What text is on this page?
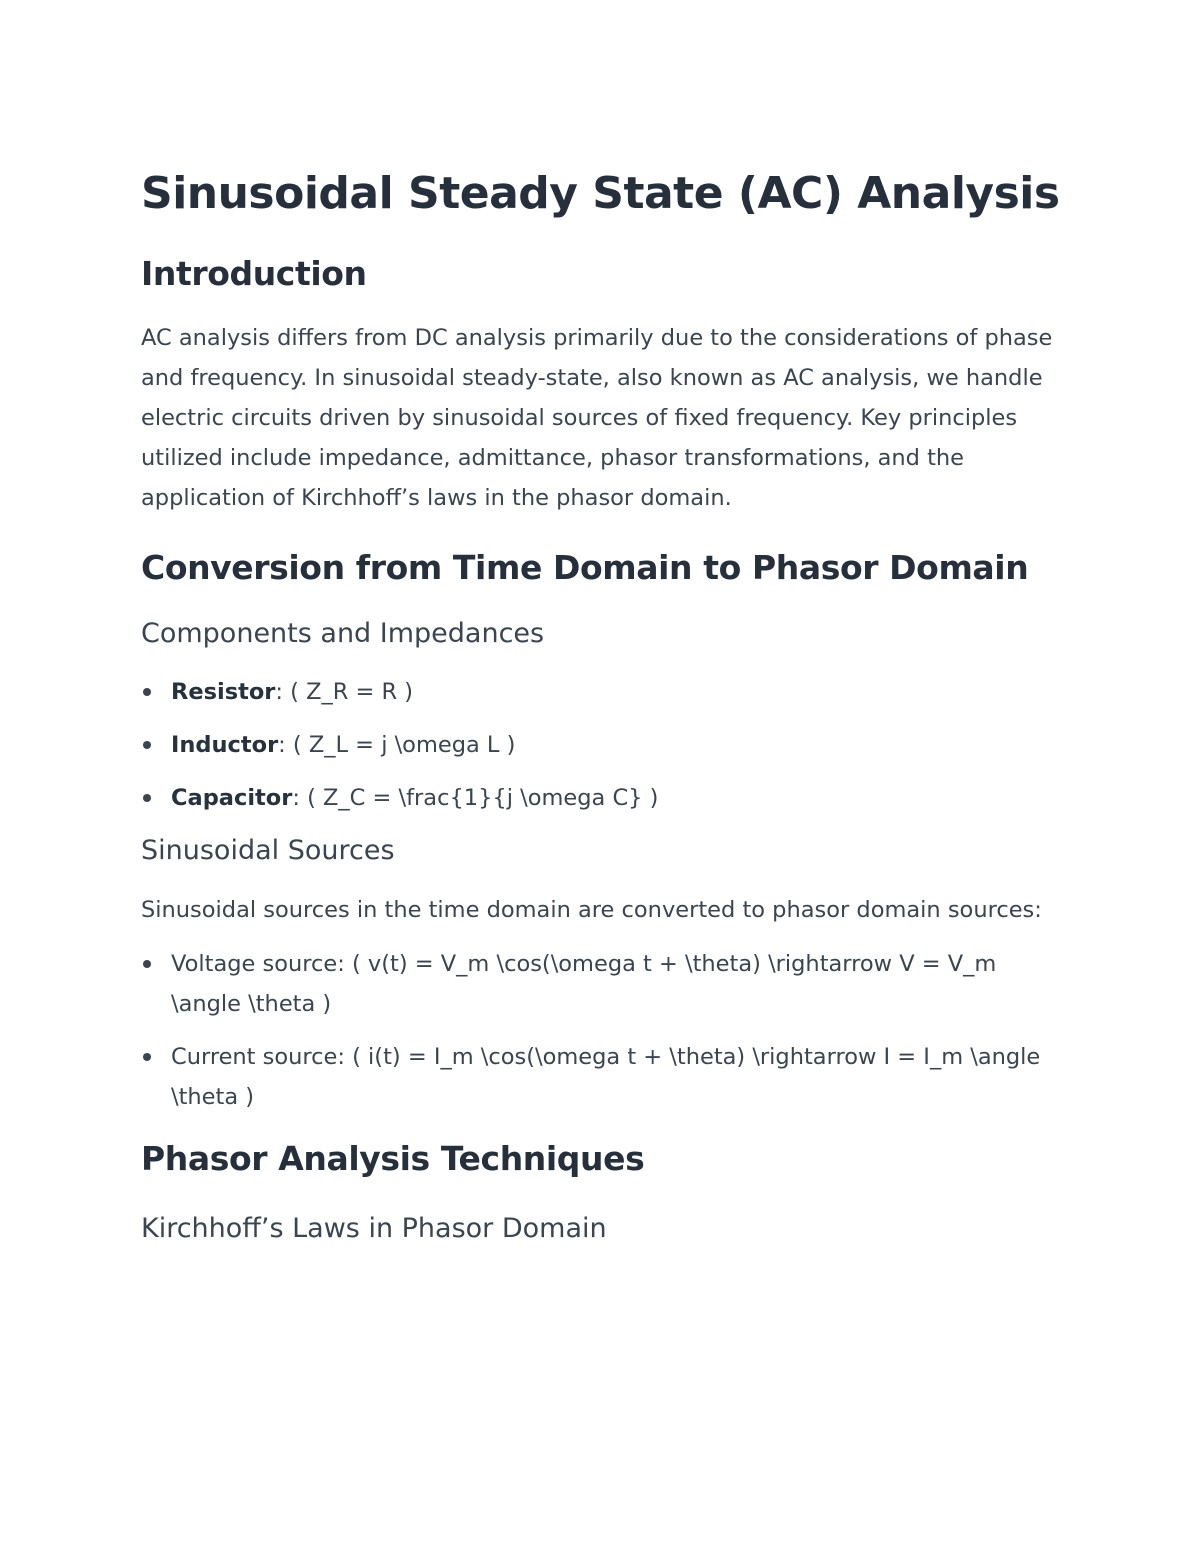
Sinusoidal Steady State (AC) Analysis
Introduction

AC analysis differs from DC analysis primarily due to the considerations of phase and frequency. In sinusoidal steady-state, also known as AC analysis, we handle electric circuits driven by sinusoidal sources of fixed frequency. Key principles utilized include impedance, admittance, phasor transformations, and the application of Kirchhoff’s laws in the phasor domain.

Conversion from Time Domain to Phasor Domain
Components and Impedances
Resistor: ( Z_R = R )
Inductor: ( Z_L = j \omega L )
Capacitor: ( Z_C = \frac{1}{j \omega C} )
Sinusoidal Sources

Sinusoidal sources in the time domain are converted to phasor domain sources:

Voltage source: ( v(t) = V_m \cos(\omega t + \theta) \rightarrow V = V_m \angle \theta )
Current source: ( i(t) = I_m \cos(\omega t + \theta) \rightarrow I = I_m \angle \theta )
Phasor Analysis Techniques
Kirchhoff’s Laws in Phasor Domain
